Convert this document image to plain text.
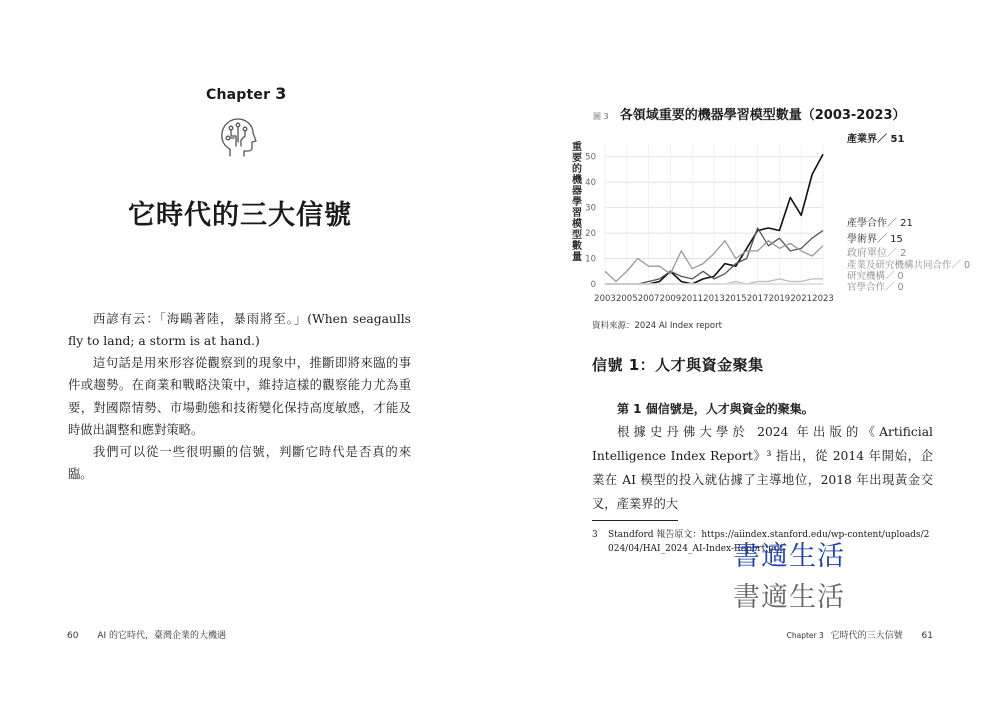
Chapter 3
它時代的三大信號

西諺有云：「海鷗著陸，暴雨將至。」(When seagaulls fly to land; a storm is at hand.)

這句話是用來形容從觀察到的現象中，推斷即將來臨的事件或趨勢。在商業和戰略決策中，維持這樣的觀察能力尤為重要，對國際情勢、市場動態和技術變化保持高度敏感，才能及時做出調整和應對策略。

我們可以從一些很明顯的信號，判斷它時代是否真的來臨。

60 AI 的它時代，臺灣企業的大機遇
圖 3 各領域重要的機器學習模型數量（2003-2023）
0
10
20
30
40
50
2003 2005 2007 2009 2011 2013 2015 2017 2019 2021 2023
重
要
的
機
器
學
習
模
型
數
量
產業界／ 51
產學合作／ 21
學術界／ 15
政府單位／ 2
產業及研究機構共同合作／ 0
研究機構／ 0
官學合作／ 0
資料來源：2024 AI Index report
信號 1：人才與資金聚集

第 1 個信號是，人才與資金的聚集。

根據史丹佛大學於 2024 年出版的《Artificial Intelligence Index Report》³ 指出，從 2014 年開始，企業在 AI 模型的投入就佔據了主導地位，2018 年出現黃金交叉，產業界的大

3 Standford 報告原文：https://aiindex.stanford.edu/wp-content/uploads/2024/04/HAI_2024_AI-Index-Report.pdf
書適生活
書適生活
Chapter 3 它時代的三大信號 61
